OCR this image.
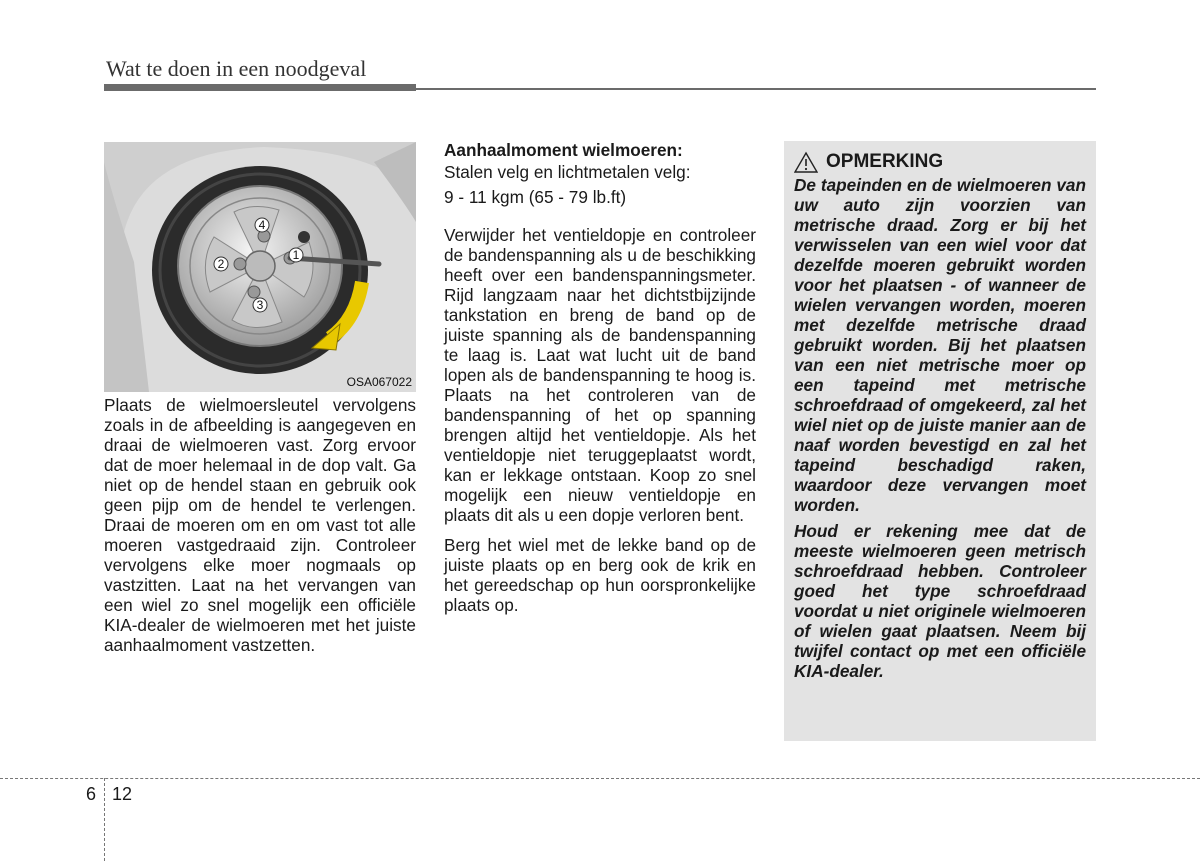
Wat te doen in een noodgeval
1
2
3
4
OSA067022

Plaats de wielmoersleutel vervolgens zoals in de afbeelding is aangegeven en draai de wielmoeren vast. Zorg ervoor dat de moer helemaal in de dop valt. Ga niet op de hendel staan en gebruik ook geen pijp om de hendel te verlengen. Draai de moeren om en om vast tot alle moeren vastgedraaid zijn. Controleer vervolgens elke moer nogmaals op vastzitten. Laat na het vervangen van een wiel zo snel mogelijk een officiële KIA-dealer de wielmoeren met het juiste aanhaalmoment vastzetten.

Aanhaalmoment wielmoeren:

Stalen velg en lichtmetalen velg:

9 - 11 kgm (65 - 79 lb.ft)

Verwijder het ventieldopje en controleer de bandenspanning als u de beschikking heeft over een bandenspanningsmeter. Rijd langzaam naar het dichtstbijzijnde tankstation en breng de band op de juiste spanning als de bandenspanning te laag is. Laat wat lucht uit de band lopen als de bandenspanning te hoog is. Plaats na het controleren van de bandenspanning of het op spanning brengen altijd het ventieldopje. Als het ventieldopje niet teruggeplaatst wordt, kan er lekkage ontstaan. Koop zo snel mogelijk een nieuw ventieldopje en plaats dit als u een dopje verloren bent.

Berg het wiel met de lekke band op de juiste plaats op en berg ook de krik en het gereedschap op hun oorspronkelijke plaats op.

OPMERKING

De tapeinden en de wielmoeren van uw auto zijn voorzien van metrische draad. Zorg er bij het verwisselen van een wiel voor dat dezelfde moeren gebruikt worden voor het plaatsen - of wanneer de wielen vervangen worden, moeren met dezelfde metrische draad gebruikt worden. Bij het plaatsen van een niet metrische moer op een tapeind met metrische schroefdraad of omgekeerd, zal het wiel niet op de juiste manier aan de naaf worden bevestigd en zal het tapeind beschadigd raken, waardoor deze vervangen moet worden.

Houd er rekening mee dat de meeste wielmoeren geen metrisch schroefdraad hebben. Controleer goed het type schroefdraad voordat u niet originele wielmoeren of wielen gaat plaatsen. Neem bij twijfel contact op met een officiële KIA-dealer.

6 12
